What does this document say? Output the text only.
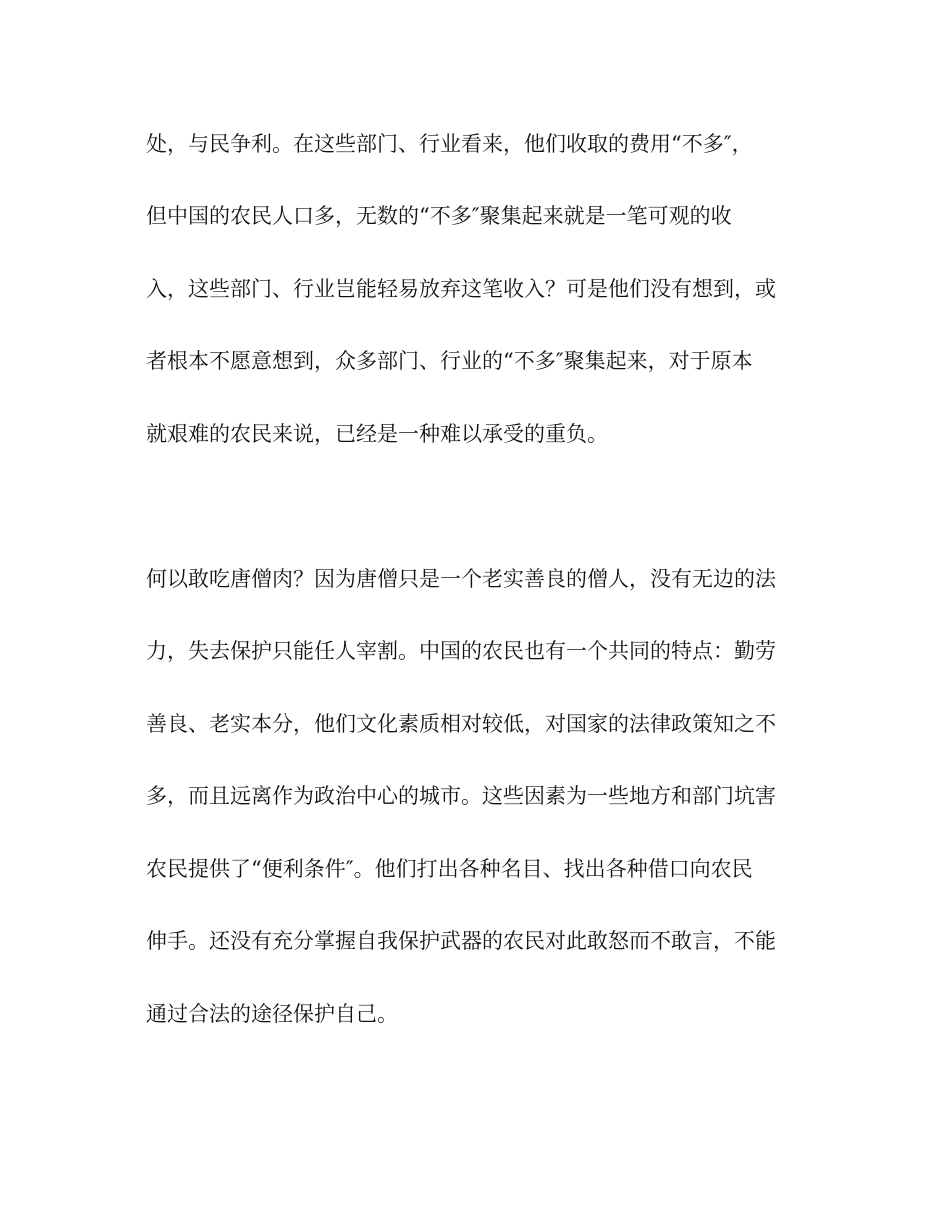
处，与民争利。在这些部门、行业看来，他们收取的费用“不多″，
但中国的农民人口多，无数的“不多″聚集起来就是一笔可观的收
入，这些部门、行业岂能轻易放弃这笔收入？可是他们没有想到，或
者根本不愿意想到，众多部门、行业的“不多″聚集起来，对于原本
就艰难的农民来说，已经是一种难以承受的重负。
何以敢吃唐僧肉？因为唐僧只是一个老实善良的僧人，没有无边的法
力，失去保护只能任人宰割。中国的农民也有一个共同的特点：勤劳
善良、老实本分，他们文化素质相对较低，对国家的法律政策知之不
多，而且远离作为政治中心的城市。这些因素为一些地方和部门坑害
农民提供了“便利条件″。他们打出各种名目、找出各种借口向农民
伸手。还没有充分掌握自我保护武器的农民对此敢怒而不敢言，不能
通过合法的途径保护自己。
